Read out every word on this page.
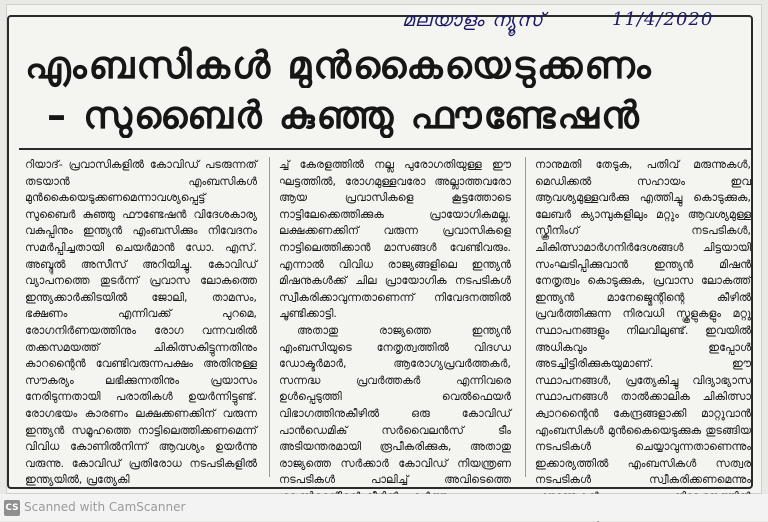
മലയാളം ന്യൂസ്	11/4/2020
എംബസികൾ മുൻകൈയെടുക്കണം
– സുബൈർ കുഞ്ഞു ഫൗണ്ടേഷൻ

റിയാദ്- പ്രവാസികളിൽ കോവിഡ് പടരുന്നത് തടയാൻ എംബസികൾ മുൻകൈയെടുക്കണമെന്നാവശ്യപ്പെട്ട് സുബൈർ കുഞ്ഞു ഫൗണ്ടേഷൻ വിദേശകാര്യ വകുപ്പിനും ഇന്ത്യൻ എംബസിക്കും നിവേദനം സമർപ്പിച്ചതായി ചെയർമാൻ ഡോ. എസ്. അബ്ദുൽ അസീസ് അറിയിച്ചു. കോവിഡ് വ്യാപനത്തെ തുടർന്ന് പ്രവാസ ലോകത്തെ ഇന്ത്യക്കാർക്കിടയിൽ ജോലി, താമസം, ഭക്ഷണം എന്നിവക്ക് പുറമെ, രോഗനിർണയത്തിനും രോഗ വന്നവരിൽ തക്കസമയത്ത് ചികിത്സകിട്ടുന്നതിനും കാറന്റൈൻ വേണ്ടിവരുന്നപക്ഷം അതിനുള്ള സൗകര്യം ലഭിക്കുന്നതിനും പ്രയാസം നേരിടുന്നതായി പരാതികൾ ഉയർന്നിട്ടുണ്ട്. രോഗഭയം കാരണം ലക്ഷക്കണക്കിന് വരുന്ന ഇന്ത്യൻ സമൂഹത്തെ നാട്ടിലെത്തിക്കണമെന്ന് വിവിധ കോണിൽനിന്ന് ആവശ്യം ഉയർന്നു വരുന്നു. കോവിഡ് പ്രതിരോധ നടപടികളിൽ ഇന്ത്യയിൽ, പ്രത്യേകി

ച്ച് കേരളത്തിൽ നല്ല പുരോഗതിയുള്ള ഈ ഘട്ടത്തിൽ, രോഗമുള്ളവരോ അല്ലാത്തവരോ ആയ പ്രവാസികളെ കൂട്ടത്തോടെ നാട്ടിലേക്കെത്തിക്കുക പ്രായോഗികമല്ല. ലക്ഷക്കണക്കിന് വരുന്ന പ്രവാസികളെ നാട്ടിലെത്തിക്കാൻ മാസങ്ങൾ വേണ്ടിവരും. എന്നാൽ വിവിധ രാജ്യങ്ങളിലെ ഇന്ത്യൻ മിഷനുകൾക്ക് ചില പ്രായോഗിക നടപടികൾ സ്വീകരിക്കാവുന്നതാണെന്ന് നിവേദനത്തിൽ ചൂണ്ടിക്കാട്ടി.

അതാതു രാജ്യത്തെ ഇന്ത്യൻ എംബസിയുടെ നേതൃത്വത്തിൽ വിദഗ്ധ ഡോക്ടർമാർ, ആരോഗ്യപ്രവർത്തകർ, സന്നദ്ധ പ്രവർത്തകർ എന്നിവരെ ഉൾപ്പെടുത്തി വെൽഫെയർ വിഭാഗത്തിനുകീഴിൽ ഒരു കോവിഡ് പാൻഡെമിക് സർവൈലൻസ് ടീം അടിയന്തരമായി രൂപീകരിക്കുക, അതാതു രാജ്യത്തെ സർക്കാർ കോവിഡ് നിയന്ത്രണ നടപടികൾ പാലിച്ച് അവിടെത്തെ

നാനുമതി തേടുക, പതിവ് മരുന്നുകൾ, മെഡിക്കൽ സഹായം ഇവ ആവശ്യമുള്ളവർക്കു എത്തിച്ചു കൊടുക്കുക, ലേബർ ക്യാമ്പുകളിലും മറ്റും ആവശ്യമുള്ള സ്ക്രീനിംഗ് നടപടികൾ, ചികിത്സാമാർഗനിർദേശങ്ങൾ ചിട്ടയായി സംഘടിപ്പിക്കുവാൻ ഇന്ത്യൻ മിഷൻ നേതൃത്വം കൊടുക്കുക, പ്രവാസ ലോകത്ത് ഇന്ത്യൻ മാനേജ്മെന്റിന്റെ കീഴിൽ പ്രവർത്തിക്കുന്ന നിരവധി സ്കൂളുകളും മറ്റു സ്ഥാപനങ്ങളും നിലവിലുണ്ട്. ഇവയിൽ അധികവും ഇപ്പോൾ അടച്ചിട്ടിരിക്കുകയുമാണ്. ഈ സ്ഥാപനങ്ങൾ, പ്രത്യേകിച്ചു വിദ്യാഭ്യാസ സ്ഥാപനങ്ങൾ താൽക്കാലിക ചികിത്സാ ക്വാറന്റൈൻ കേന്ദ്രങ്ങളാക്കി മാറ്റുവാൻ എംബസികൾ മുൻകൈയെടുക്കുക തുടങ്ങിയ നടപടികൾ ചെയ്യാവുന്നതാണെന്നും ഇക്കാര്യത്തിൽ എംബസികൾ സത്വര നടപടികൾ സ്വീകരിക്കണമെന്നും

CS Scanned with CamScanner
